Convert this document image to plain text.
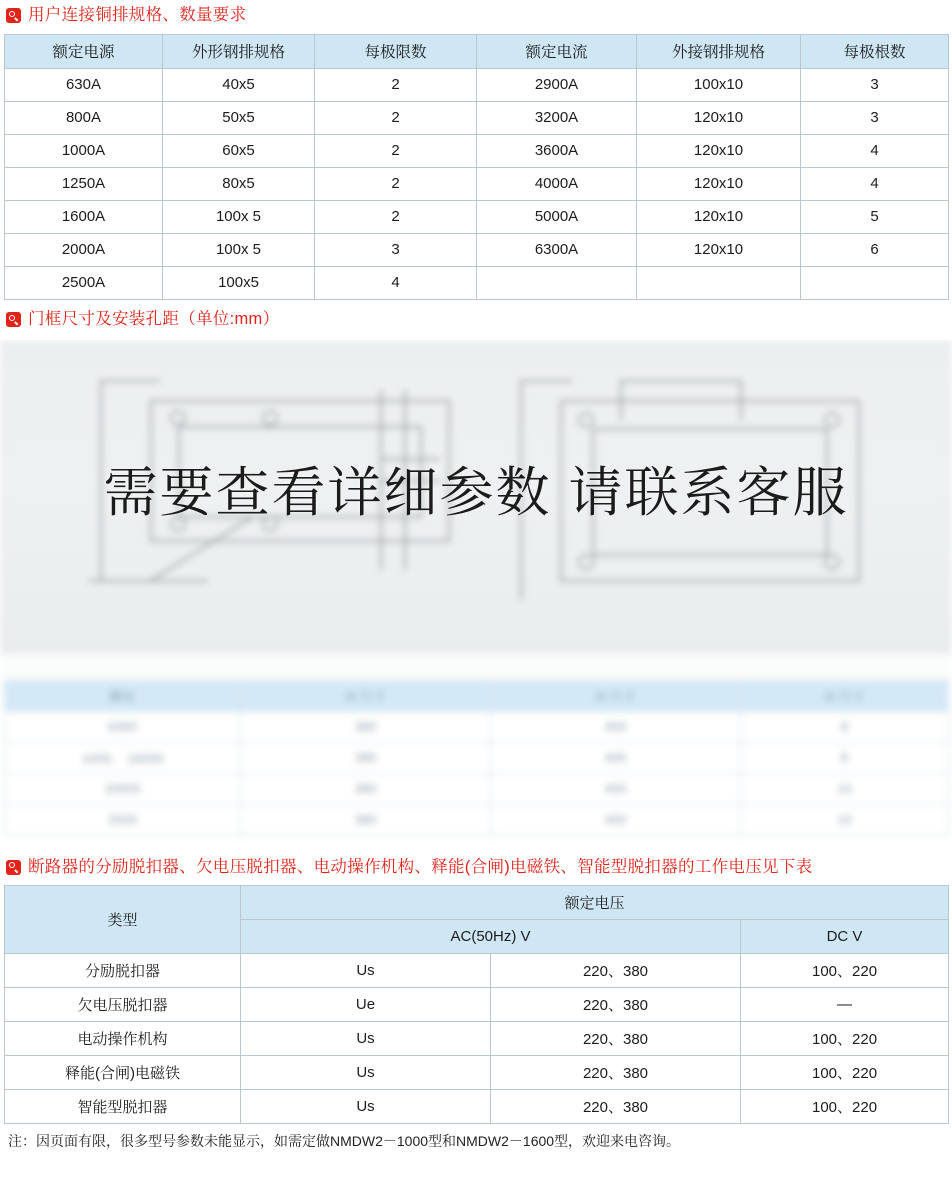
用户连接铜排规格、数量要求
额定电源	外形钢排规格	每极限数	额定电流	外接钢排规格	每极根数
630A	40x5	2	2900A	100x10	3
800A	50x5	2	3200A	120x10	3
1000A	60x5	2	3600A	120x10	4
1250A	80x5	2	4000A	120x10	4
1600A	100x 5	2	5000A	120x10	5
2000A	100x 5	3	6300A	120x10	6
2500A	100x5	4			
门框尺寸及安装孔距（单位:mm）
额定	O 尺寸	O 尺寸	O 尺寸
6300	380	400	8
1000、 16000	380	400	8
20000	380	400	10
2500	380	400	10
需要查看详细参数 请联系客服
断路器的分励脱扣器、欠电压脱扣器、电动操作机构、释能(合闸)电磁铁、智能型脱扣器的工作电压见下表
类型	额定电压		
	AC(50Hz) V		DC V
分励脱扣器	Us	220、380	100、220
欠电压脱扣器	Ue	220、380	—
电动操作机构	Us	220、380	100、220
释能(合闸)电磁铁	Us	220、380	100、220
智能型脱扣器	Us	220、380	100、220
注：因页面有限，很多型号参数未能显示，如需定做NMDW2－1000型和NMDW2－1600型，欢迎来电咨询。
